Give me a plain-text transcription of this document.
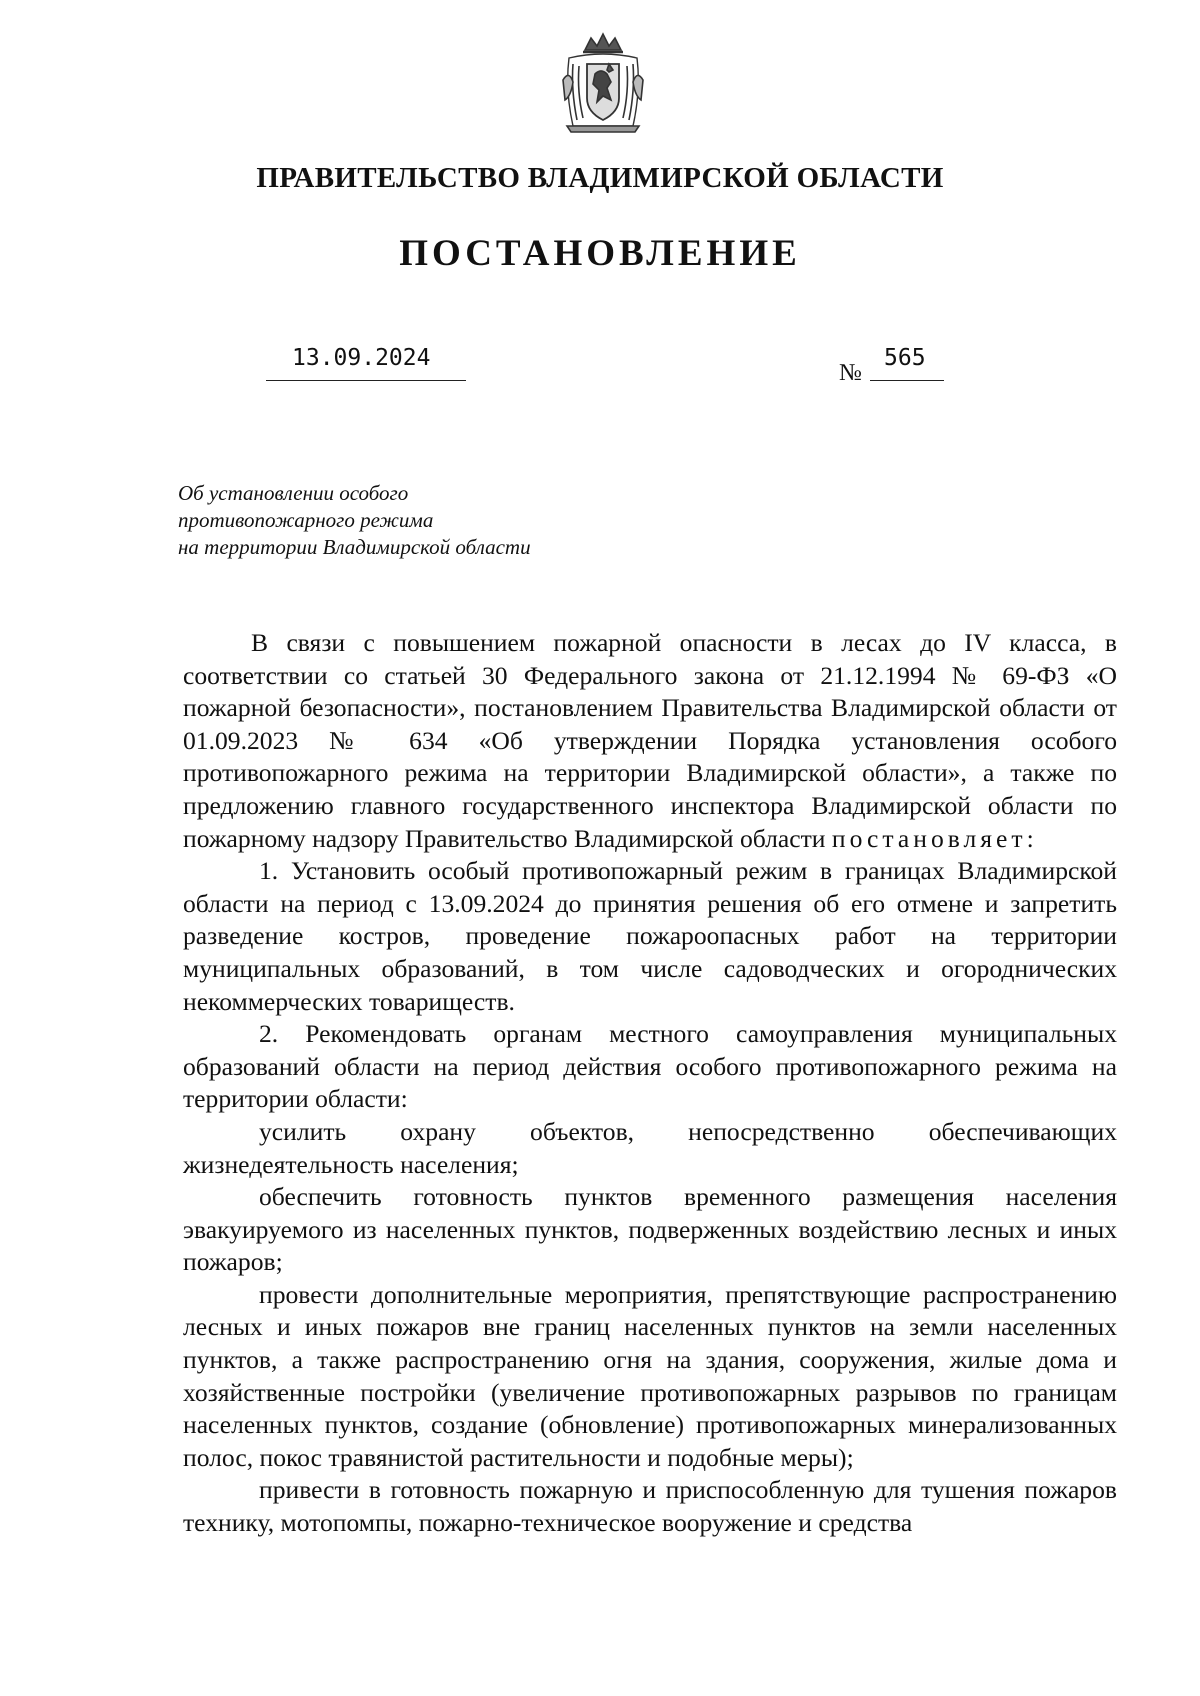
ПРАВИТЕЛЬСТВО ВЛАДИМИРСКОЙ ОБЛАСТИ
ПОСТАНОВЛЕНИЕ
13.09.2024
№
565
Об установлении особого
противопожарного режима
на территории Владимирской области

В связи с повышением пожарной опасности в лесах до IV класса, в соответствии со статьей 30 Федерального закона от 21.12.1994 № 69-ФЗ «О пожарной безопасности», постановлением Правительства Владимирской области от 01.09.2023 № 634 «Об утверждении Порядка установления особого противопожарного режима на территории Владимирской области», а также по предложению главного государственного инспектора Владимирской области по пожарному надзору Правительство Владимирской области постановляет:

1. Установить особый противопожарный режим в границах Владимирской области на период с 13.09.2024 до принятия решения об его отмене и запретить разведение костров, проведение пожароопасных работ на территории муниципальных образований, в том числе садоводческих и огороднических некоммерческих товариществ.

2. Рекомендовать органам местного самоуправления муниципальных образований области на период действия особого противопожарного режима на территории области:

усилить охрану объектов, непосредственно обеспечивающих жизнедеятельность населения;

обеспечить готовность пунктов временного размещения населения эвакуируемого из населенных пунктов, подверженных воздействию лесных и иных пожаров;

провести дополнительные мероприятия, препятствующие распространению лесных и иных пожаров вне границ населенных пунктов на земли населенных пунктов, а также распространению огня на здания, сооружения, жилые дома и хозяйственные постройки (увеличение противопожарных разрывов по границам населенных пунктов, создание (обновление) противопожарных минерализованных полос, покос травянистой растительности и подобные меры);

привести в готовность пожарную и приспособленную для тушения пожаров технику, мотопомпы, пожарно-техническое вооружение и средства
